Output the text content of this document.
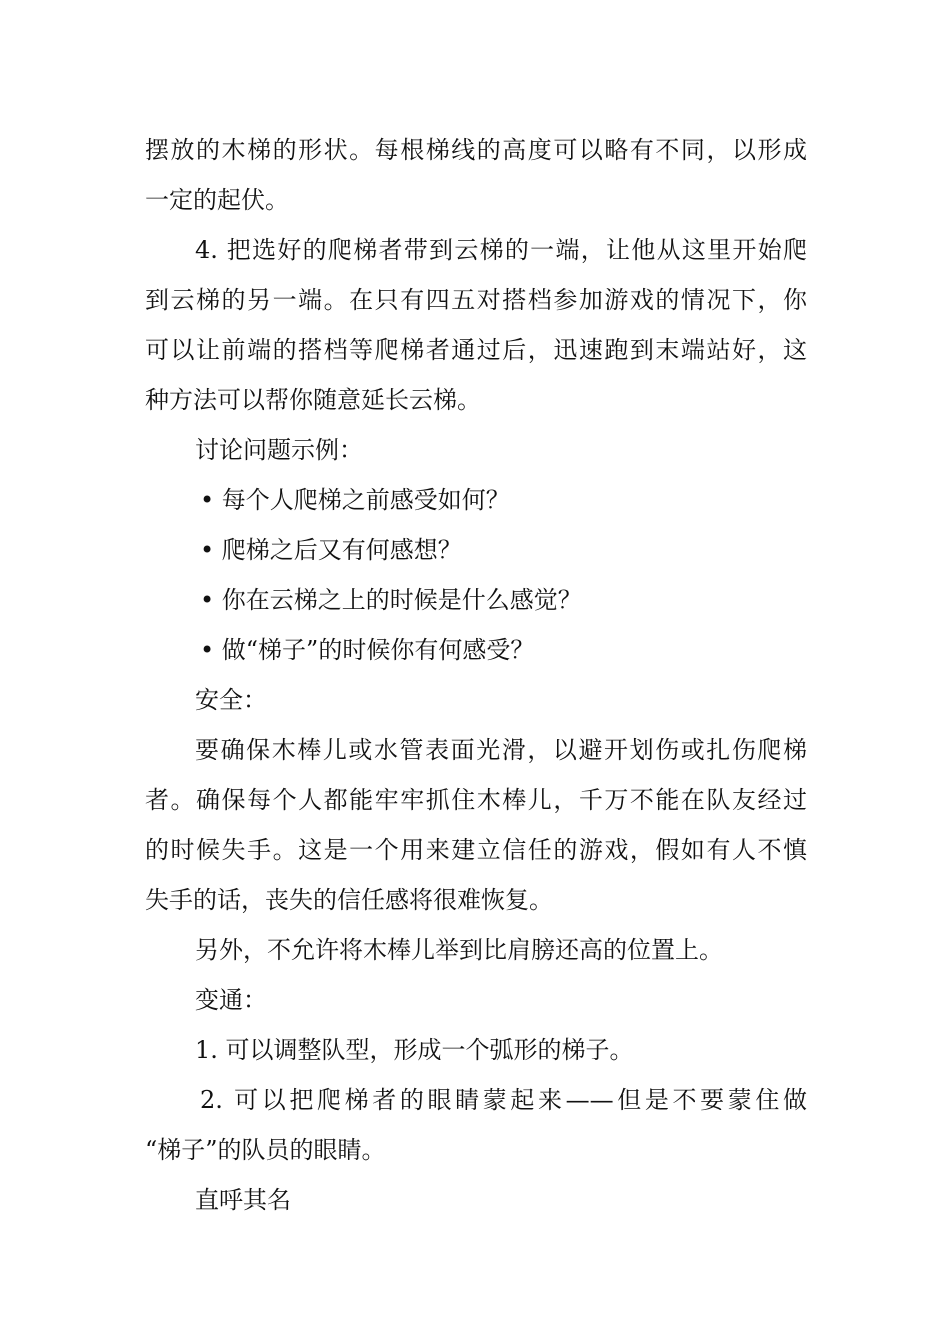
摆放的木梯的形状。每根梯线的高度可以略有不同，以形成
一定的起伏。
4. 把选好的爬梯者带到云梯的一端，让他从这里开始爬
到云梯的另一端。在只有四五对搭档参加游戏的情况下，你
可以让前端的搭档等爬梯者通过后，迅速跑到末端站好，这
种方法可以帮你随意延长云梯。
讨论问题示例：
• 每个人爬梯之前感受如何？
• 爬梯之后又有何感想？
• 你在云梯之上的时候是什么感觉？
• 做“梯子”的时候你有何感受？
安全：
要确保木棒儿或水管表面光滑，以避开划伤或扎伤爬梯
者。确保每个人都能牢牢抓住木棒儿，千万不能在队友经过
的时候失手。这是一个用来建立信任的游戏，假如有人不慎
失手的话，丧失的信任感将很难恢复。
另外，不允许将木棒儿举到比肩膀还高的位置上。
变通：
1. 可以调整队型，形成一个弧形的梯子。
2. 可以把爬梯者的眼睛蒙起来——但是不要蒙住做
“梯子”的队员的眼睛。
直呼其名
